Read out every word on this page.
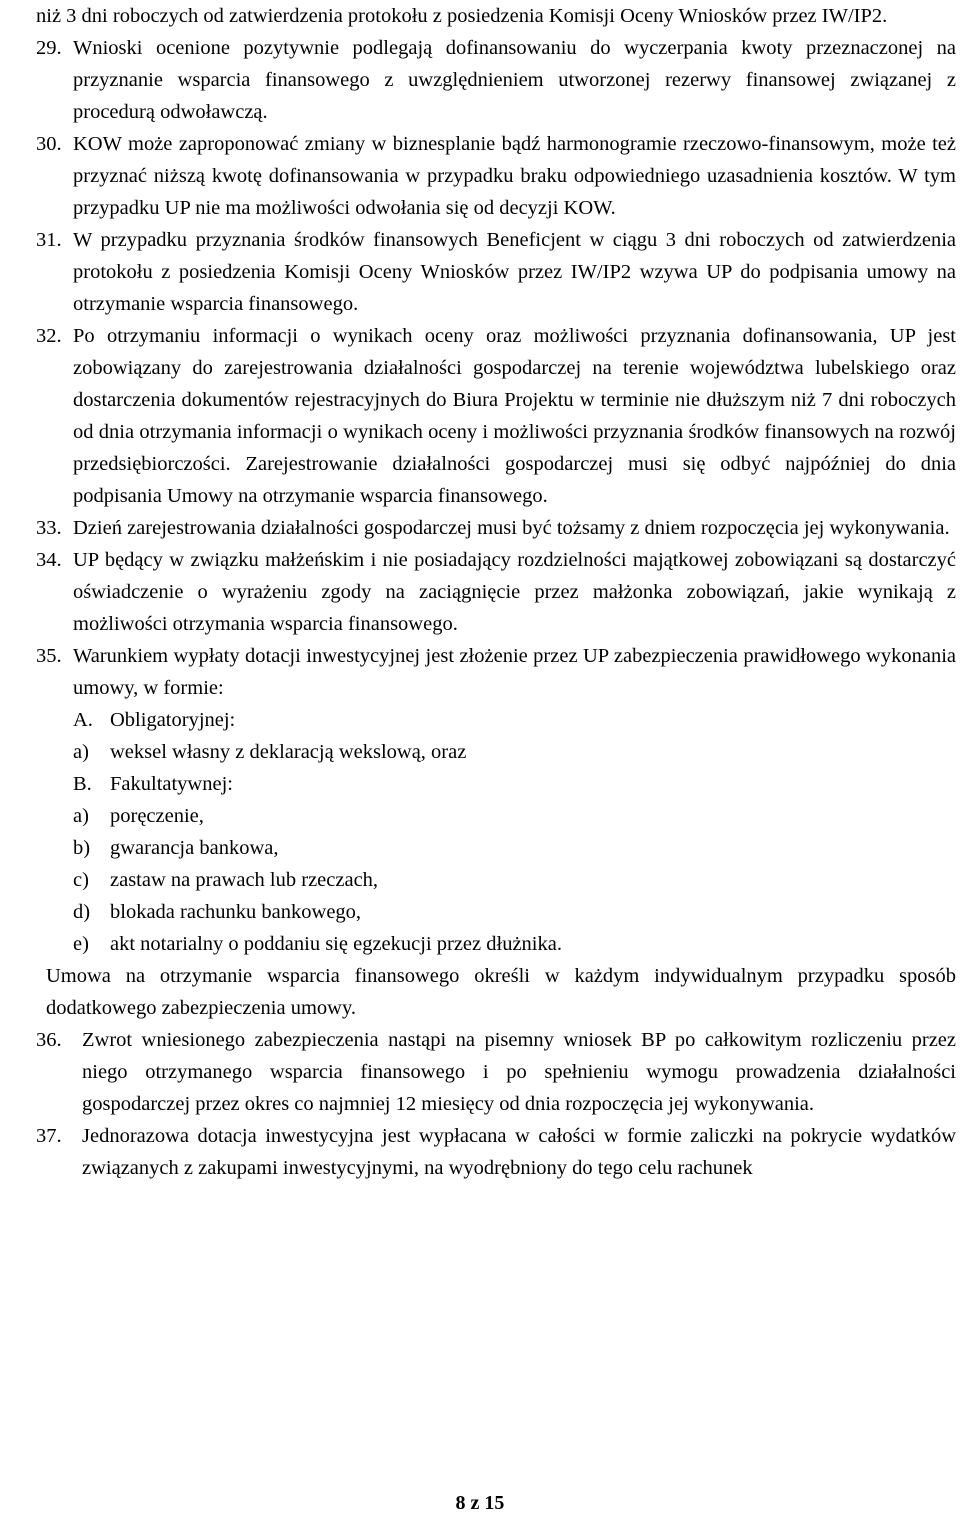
niż 3 dni roboczych od zatwierdzenia protokołu z posiedzenia Komisji Oceny Wniosków przez IW/IP2.

29. Wnioski ocenione pozytywnie podlegają dofinansowaniu do wyczerpania kwoty przeznaczonej na przyznanie wsparcia finansowego z uwzględnieniem utworzonej rezerwy finansowej związanej z procedurą odwoławczą.
30. KOW może zaproponować zmiany w biznesplanie bądź harmonogramie rzeczowo-finansowym, może też przyznać niższą kwotę dofinansowania w przypadku braku odpowiedniego uzasadnienia kosztów. W tym przypadku UP nie ma możliwości odwołania się od decyzji KOW.
31. W przypadku przyznania środków finansowych Beneficjent w ciągu 3 dni roboczych od zatwierdzenia protokołu z posiedzenia Komisji Oceny Wniosków przez IW/IP2 wzywa UP do podpisania umowy na otrzymanie wsparcia finansowego.
32. Po otrzymaniu informacji o wynikach oceny oraz możliwości przyznania dofinansowania, UP jest zobowiązany do zarejestrowania działalności gospodarczej na terenie województwa lubelskiego oraz dostarczenia dokumentów rejestracyjnych do Biura Projektu w terminie nie dłuższym niż 7 dni roboczych od dnia otrzymania informacji o wynikach oceny i możliwości przyznania środków finansowych na rozwój przedsiębiorczości. Zarejestrowanie działalności gospodarczej musi się odbyć najpóźniej do dnia podpisania Umowy na otrzymanie wsparcia finansowego.
33. Dzień zarejestrowania działalności gospodarczej musi być tożsamy z dniem rozpoczęcia jej wykonywania.
34. UP będący w związku małżeńskim i nie posiadający rozdzielności majątkowej zobowiązani są dostarczyć oświadczenie o wyrażeniu zgody na zaciągnięcie przez małżonka zobowiązań, jakie wynikają z możliwości otrzymania wsparcia finansowego.
35. Warunkiem wypłaty dotacji inwestycyjnej jest złożenie przez UP zabezpieczenia prawidłowego wykonania umowy, w formie:
A. Obligatoryjnej:
a)	weksel własny z deklaracją wekslową, oraz
B. Fakultatywnej:
a)	poręczenie,
b) gwarancja bankowa,
c)	zastaw na prawach lub rzeczach,
d) blokada rachunku bankowego,
e)	akt notarialny o poddaniu się egzekucji przez dłużnika.

Umowa na otrzymanie wsparcia finansowego określi w każdym indywidualnym przypadku sposób dodatkowego zabezpieczenia umowy.

36. Zwrot wniesionego zabezpieczenia nastąpi na pisemny wniosek BP po całkowitym rozliczeniu przez niego otrzymanego wsparcia finansowego i po spełnieniu wymogu prowadzenia działalności gospodarczej przez okres co najmniej 12 miesięcy od dnia rozpoczęcia jej wykonywania.
37. Jednorazowa dotacja inwestycyjna jest wypłacana w całości w formie zaliczki na pokrycie wydatków związanych z zakupami inwestycyjnymi, na wyodrębniony do tego celu rachunek
8 z 15
